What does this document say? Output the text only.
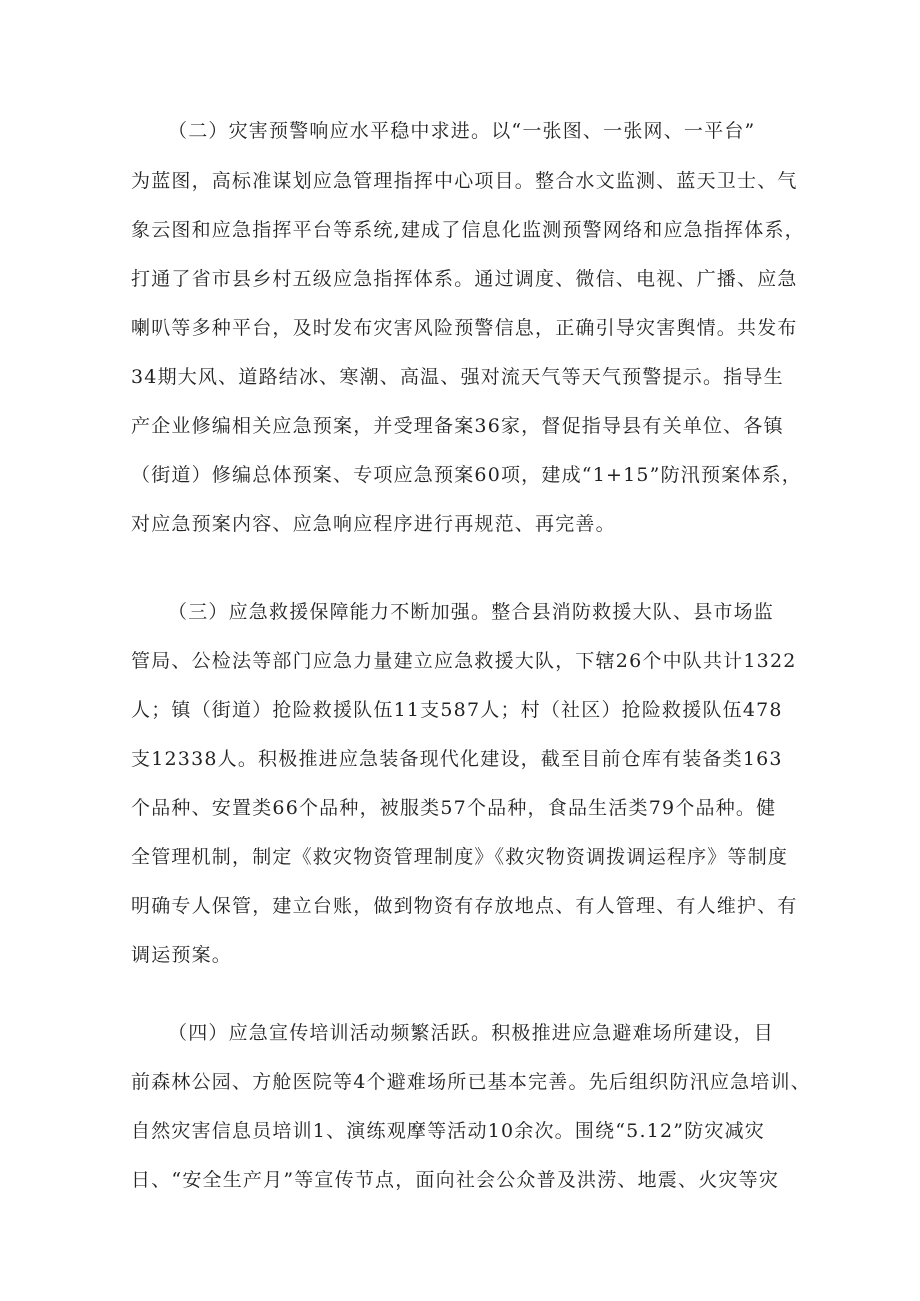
（二）灾害预警响应水平稳中求进。以“一张图、一张网、一平台”
为蓝图，高标准谋划应急管理指挥中心项目。整合水文监测、蓝天卫士、气
象云图和应急指挥平台等系统,建成了信息化监测预警网络和应急指挥体系，
打通了省市县乡村五级应急指挥体系。通过调度、微信、电视、广播、应急
喇叭等多种平台，及时发布灾害风险预警信息，正确引导灾害舆情。共发布
34期大风、道路结冰、寒潮、高温、强对流天气等天气预警提示。指导生
产企业修编相关应急预案，并受理备案36家，督促指导县有关单位、各镇
（街道）修编总体预案、专项应急预案60项，建成“1+15”防汛预案体系，
对应急预案内容、应急响应程序进行再规范、再完善。
（三）应急救援保障能力不断加强。整合县消防救援大队、县市场监
管局、公检法等部门应急力量建立应急救援大队，下辖26个中队共计1322
人；镇（街道）抢险救援队伍11支587人；村（社区）抢险救援队伍478
支12338人。积极推进应急装备现代化建设，截至目前仓库有装备类163
个品种、安置类66个品种，被服类57个品种，食品生活类79个品种。健
全管理机制，制定《救灾物资管理制度》《救灾物资调拨调运程序》等制度
明确专人保管，建立台账，做到物资有存放地点、有人管理、有人维护、有
调运预案。
（四）应急宣传培训活动频繁活跃。积极推进应急避难场所建设，目
前森林公园、方舱医院等4个避难场所已基本完善。先后组织防汛应急培训、
自然灾害信息员培训1、演练观摩等活动10余次。围绕“5.12”防灾减灾
日、“安全生产月”等宣传节点，面向社会公众普及洪涝、地震、火灾等灾
